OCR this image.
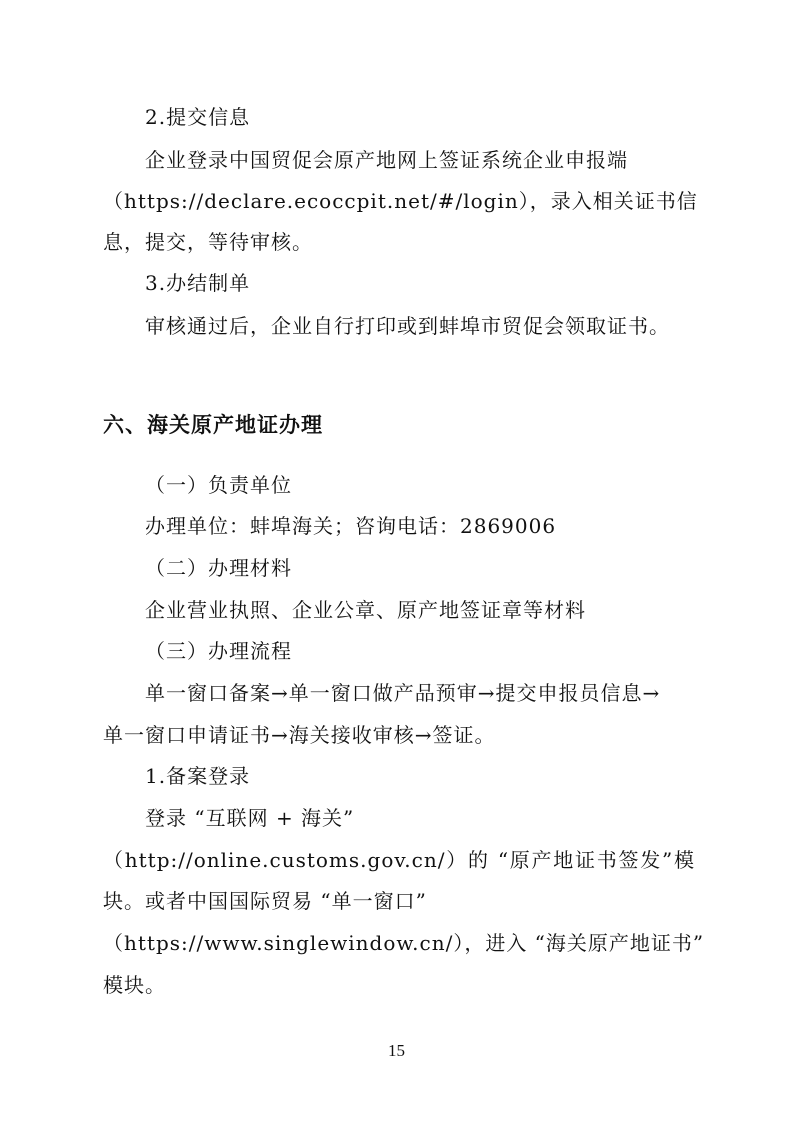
2.提交信息
企业登录中国贸促会原产地网上签证系统企业申报端
（https://declare.ecoccpit.net/#/login），录入相关证书信
息，提交，等待审核。
3.办结制单
审核通过后，企业自行打印或到蚌埠市贸促会领取证书。
六、海关原产地证办理
（一）负责单位
办理单位：蚌埠海关；咨询电话：2869006
（二）办理材料
企业营业执照、企业公章、原产地签证章等材料
（三）办理流程
单一窗口备案→单一窗口做产品预审→提交申报员信息→
单一窗口申请证书→海关接收审核→签证。
1.备案登录
登录 “互联网 + 海关”
（http://online.customs.gov.cn/）的 “原产地证书签发”模
块。或者中国国际贸易 “单一窗口”
（https://www.singlewindow.cn/），进入 “海关原产地证书”
模块。
15
